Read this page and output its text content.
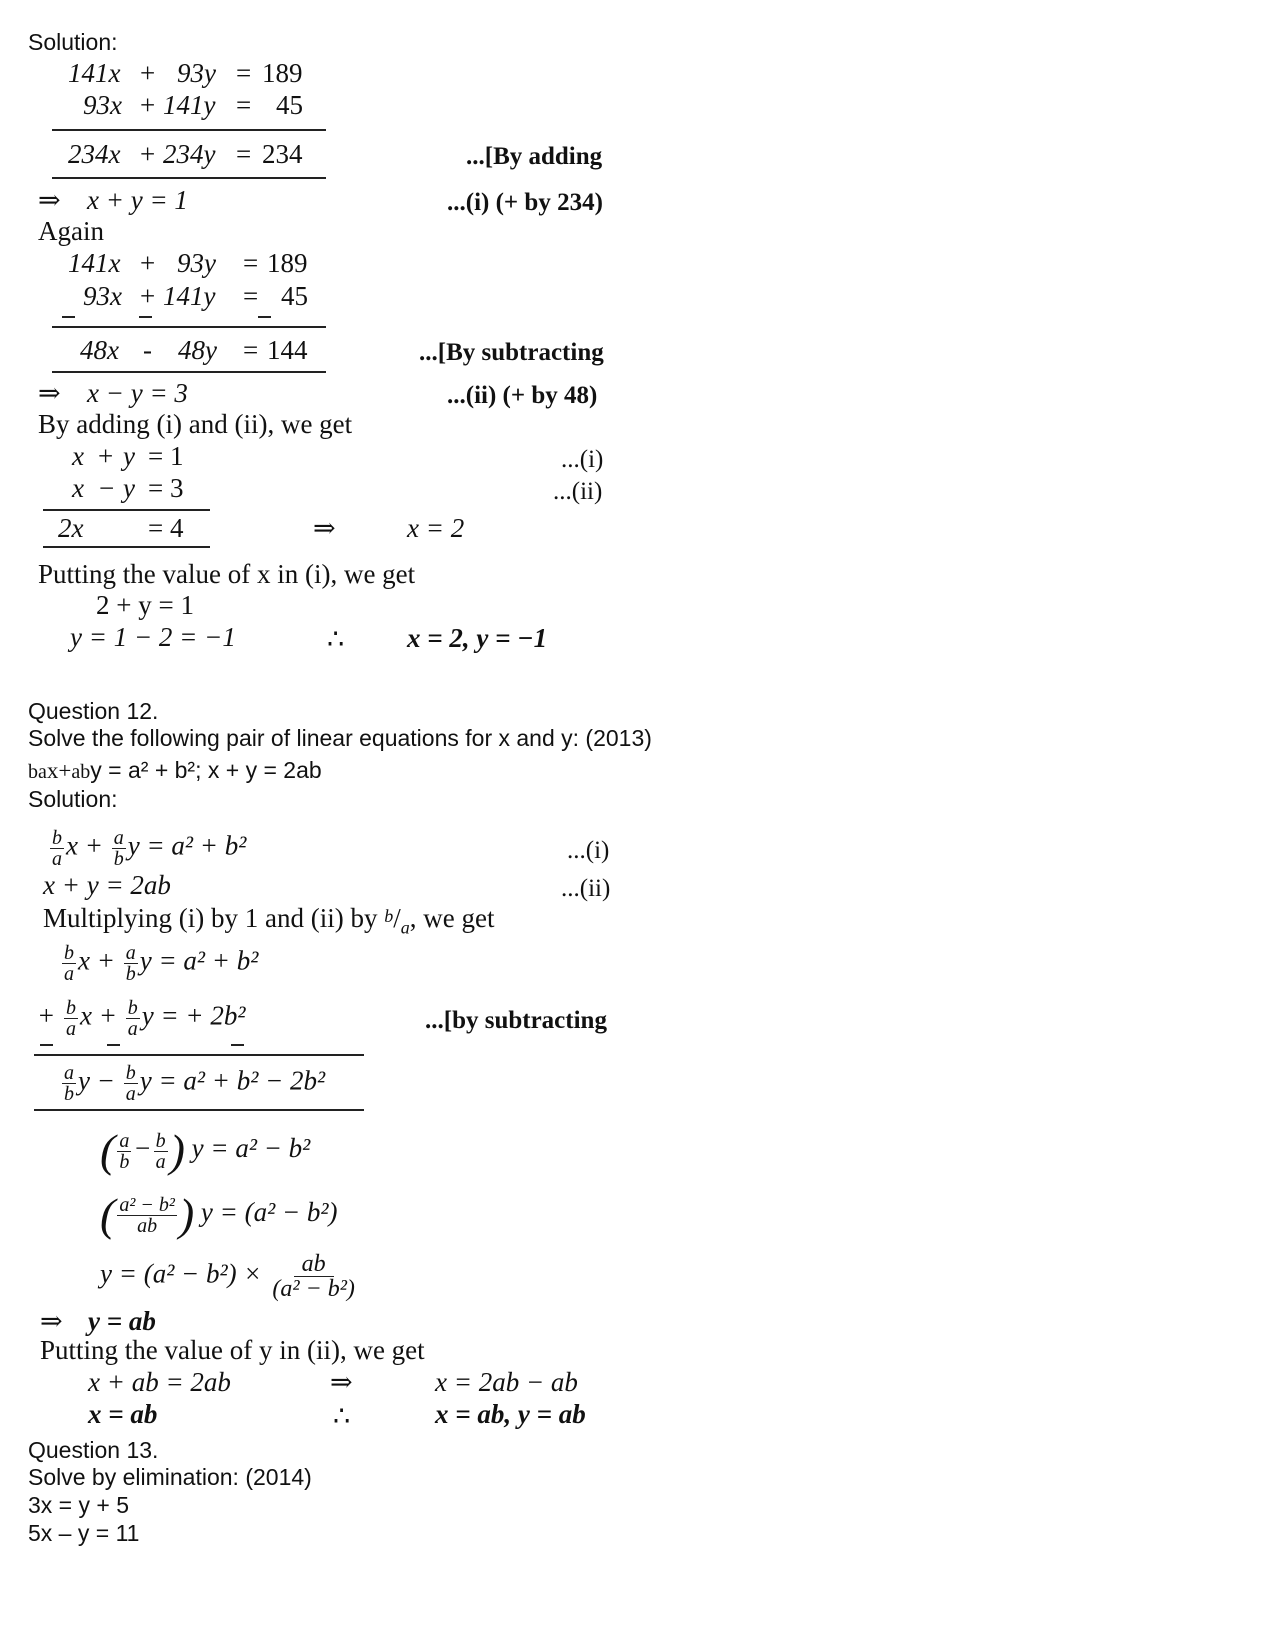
Solution:
141x + 93y = 189
93x + 141y = 45
234x + 234y = 234	...[By adding
⇒ x + y = 1	...(i) (+ by 234)
Again
141x + 93y = 189
93x + 141y = 45
48x - 48y = 144	...[By subtracting
⇒ x − y = 3	...(ii) (+ by 48)
By adding (i) and (ii), we get
x + y = 1	...(i)
x − y = 3	...(ii)
2x = 4	⇒	x = 2
Putting the value of x in (i), we get
2 + y = 1
y = 1 − 2 = −1	∴ x = 2, y = −1
Question 12.
Solve the following pair of linear equations for x and y: (2013)
bax+aby = a² + b²; x + y = 2ab
Solution:
$\frac{b}{a}$ $x + \frac{a}{b}$ y = a² + b²	...(i)
x + y = 2ab	...(ii)
Multiplying (i) by 1 and (ii) by $^b/_a$, we get
$\frac{b}{a}$ $x + \frac{a}{b}$ y = a² + b²
+ $\frac{b}{a}$ $x + \frac{b}{a}$ y = + 2b²	...[by subtracting
$\frac{a}{b}$ $y - \frac{b}{a}$ y = a² + b² − 2b²
( $\frac{a}{b} - \frac{b}{a}$ ) y = a² − b²
( $\frac{\text{a² − b²}}{ab}$ ) y = (a² − b²)
$y = (a^2 - b^2) \times \frac{ab}{\text{(a² − b²)}}$
⇒ y = ab
Putting the value of y in (ii), we get
x + ab = 2ab	⇒	x = 2ab − ab
x = ab	∴	x = ab, y = ab
Question 13.
Solve by elimination: (2014)
3x = y + 5
5x – y = 11
